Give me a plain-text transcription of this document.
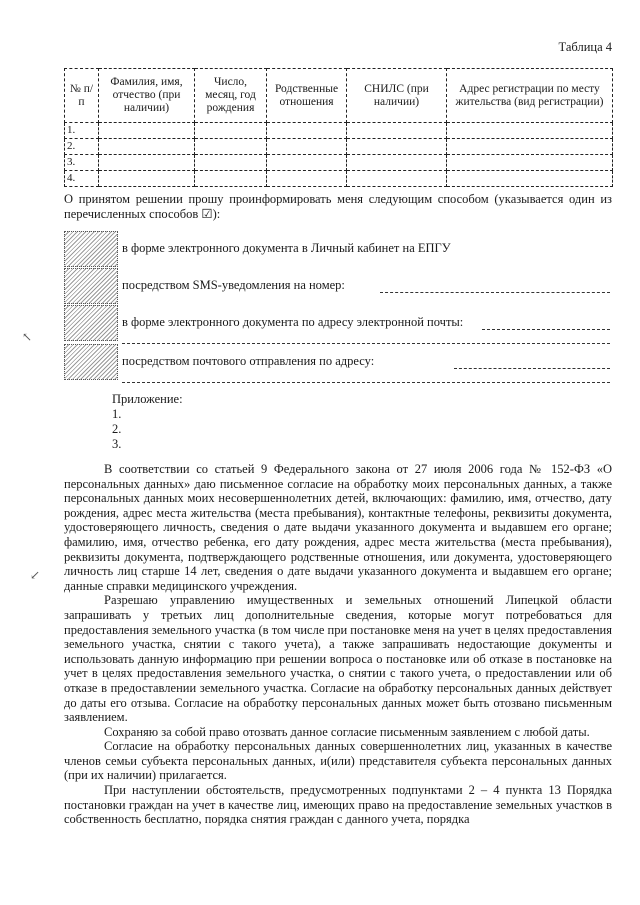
Таблица 4
№ п/п	Фамилия, имя, отчество (при наличии)	Число, месяц, год рождения	Родственные отношения	СНИЛС (при наличии)	Адрес регистрации по месту жительства (вид регистрации)
1.					
2.					
3.					
4.					
О принятом решении прошу проинформировать меня следующим способом (указывается один из перечисленных способов ☑):
в форме электронного документа в Личный кабинет на ЕПГУ
посредством SMS-уведомления на номер:
в форме электронного документа по адресу электронной почты:
посредством почтового отправления по адресу:
Приложение:
1.
2.
3.

В соответствии со статьей 9 Федерального закона от 27 июля 2006 года № 152-ФЗ «О персональных данных» даю письменное согласие на обработку моих персональных данных, а также персональных данных моих несовершеннолетних детей, включающих: фамилию, имя, отчество, дату рождения, адрес места жительства (места пребывания), контактные телефоны, реквизиты документа, удостоверяющего личность, сведения о дате выдачи указанного документа и выдавшем его органе; фамилию, имя, отчество ребенка, его дату рождения, адрес места жительства (места пребывания), реквизиты документа, подтверждающего родственные отношения, или документа, удостоверяющего личность лиц старше 14 лет, сведения о дате выдачи указанного документа и выдавшем его органе; данные справки медицинского учреждения.

Разрешаю управлению имущественных и земельных отношений Липецкой области запрашивать у третьих лиц дополнительные сведения, которые могут потребоваться для предоставления земельного участка (в том числе при постановке меня на учет в целях предоставления земельного участка, снятии с такого учета), а также запрашивать недостающие документы и использовать данную информацию при решении вопроса о постановке или об отказе в постановке на учет в целях предоставления земельного участка, о снятии с такого учета, о предоставлении или об отказе в предоставлении земельного участка. Согласие на обработку персональных данных действует до даты его отзыва. Согласие на обработку персональных данных может быть отозвано письменным заявлением.

Сохраняю за собой право отозвать данное согласие письменным заявлением с любой даты.

Согласие на обработку персональных данных совершеннолетних лиц, указанных в качестве членов семьи субъекта персональных данных, и(или) представителя субъекта персональных данных (при их наличии) прилагается.

При наступлении обстоятельств, предусмотренных подпунктами 2 – 4 пункта 13 Порядка постановки граждан на учет в качестве лиц, имеющих право на предоставление земельных участков в собственность бесплатно, порядка снятия граждан с данного учета, порядка

↖
↙
